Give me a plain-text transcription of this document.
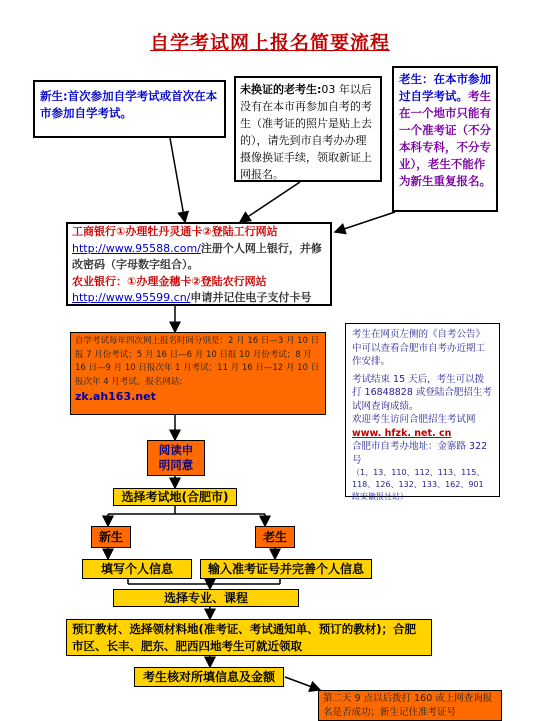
自学考试网上报名简要流程
新生:首次参加自学考试或首次在本市参加自学考试。
未换证的老考生:03 年以后没有在本市再参加自考的考生（准考证的照片是贴上去的），请先到市自考办办理摄像换证手续，领取新证上网报名。
老生：在本市参加过自学考试。考生在一个地市只能有一个准考证（不分本科专科，不分专业），老生不能作为新生重复报名。
工商银行①办理牡丹灵通卡②登陆工行网站
http://www.95588.com/注册个人网上银行，并修改密码（字母数字组合）。
农业银行：①办理金穗卡②登陆农行网站
http://www.95599.cn/申请并记住电子支付卡号
自学考试每年四次网上报名时间分别是：2 月 16 日—3 月 10 日报 7 月份考试；5 月 16 日—6 月 10 日报 10 月份考试；8 月 16 日—9 月 10 日报次年 1 月考试；11 月 16 日—12 月 10 日报次年 4 月考试。报名网站:
zk.ah163.net
考生在网页左侧的《自考公告》中可以查看合肥市自考办近期工作安排。
考试结束 15 天后，考生可以拨打 16848828 或登陆合肥招生考试网查询成绩。
欢迎考生访问合肥招生考试网
www. hfzk. net. cn
合肥市自考办地址：金寨路 322 号
（1、13、110、112、113、115、118、126、132、133、162、901 路安徽报社站）
阅读申明同意
选择考试地(合肥市)
新生	老生
填写个人信息	输入准考证号并完善个人信息
选择专业、课程
预订教材、选择领材料地(准考证、考试通知单、预订的教材)；合肥市区、长丰、肥东、肥西四地考生可就近领取
考生核对所填信息及金额
第二天 9 点以后拨打 160 或上网查询报名是否成功；新生记住准考证号
